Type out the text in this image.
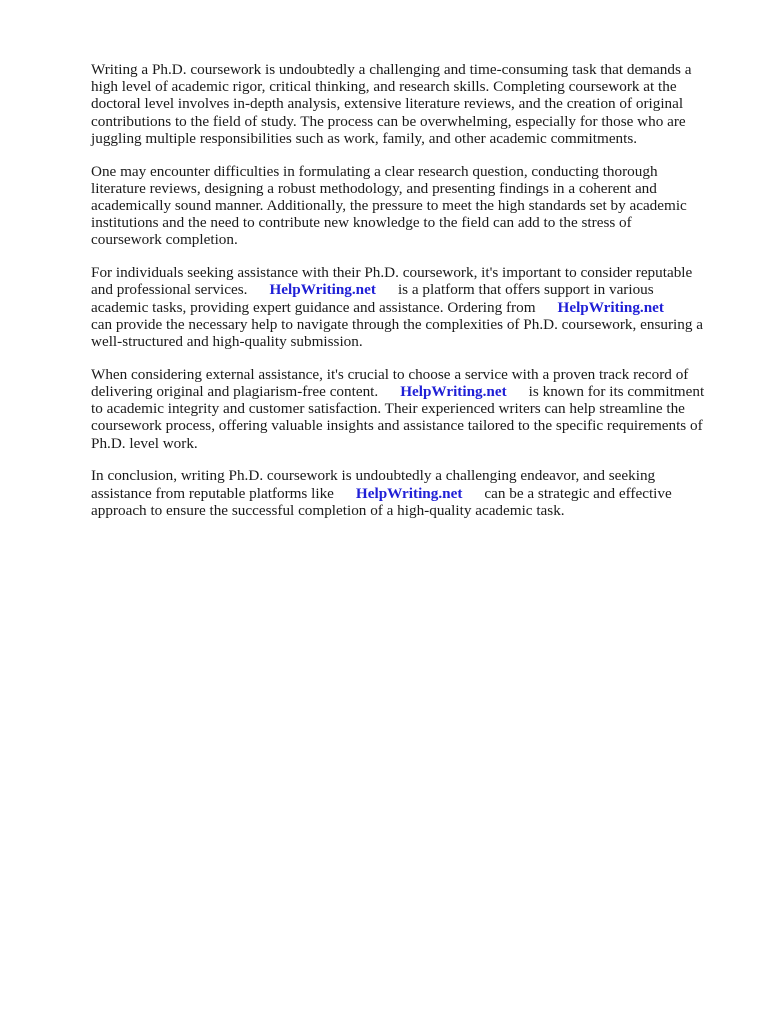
Writing a Ph.D. coursework is undoubtedly a challenging and time-consuming task that demands a
high level of academic rigor, critical thinking, and research skills. Completing coursework at the
doctoral level involves in-depth analysis, extensive literature reviews, and the creation of original
contributions to the field of study. The process can be overwhelming, especially for those who are
juggling multiple responsibilities such as work, family, and other academic commitments.

One may encounter difficulties in formulating a clear research question, conducting thorough
literature reviews, designing a robust methodology, and presenting findings in a coherent and
academically sound manner. Additionally, the pressure to meet the high standards set by academic
institutions and the need to contribute new knowledge to the field can add to the stress of
coursework completion.

For individuals seeking assistance with their Ph.D. coursework, it's important to consider reputable
and professional services. HelpWriting.net is a platform that offers support in various
academic tasks, providing expert guidance and assistance. Ordering from HelpWriting.net
can provide the necessary help to navigate through the complexities of Ph.D. coursework, ensuring a
well-structured and high-quality submission.

When considering external assistance, it's crucial to choose a service with a proven track record of
delivering original and plagiarism-free content. HelpWriting.net is known for its commitment
to academic integrity and customer satisfaction. Their experienced writers can help streamline the
coursework process, offering valuable insights and assistance tailored to the specific requirements of
Ph.D. level work.

In conclusion, writing Ph.D. coursework is undoubtedly a challenging endeavor, and seeking
assistance from reputable platforms like HelpWriting.net can be a strategic and effective
approach to ensure the successful completion of a high-quality academic task.
